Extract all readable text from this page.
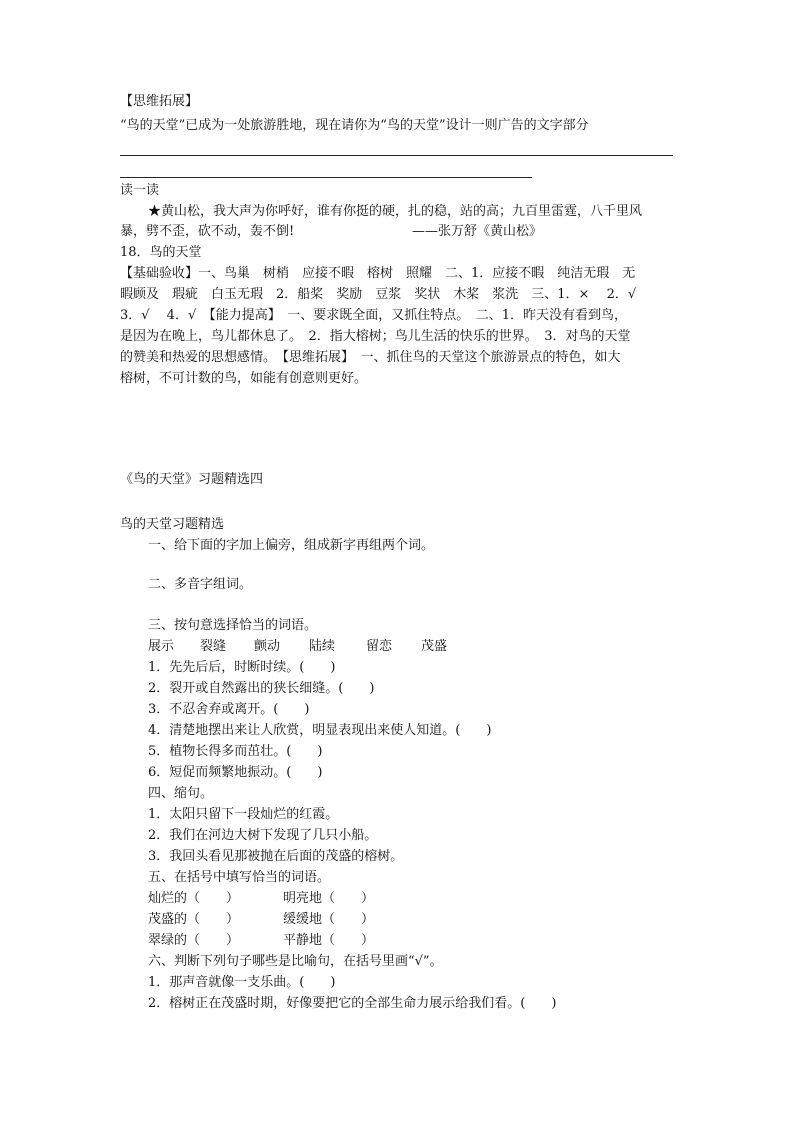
【思维拓展】
“鸟的天堂”已成为一处旅游胜地，现在请你为“鸟的天堂”设计一则广告的文字部分
读一读
★黄山松，我大声为你呼好，谁有你挺的硬，扎的稳，站的高；九百里雷霆，八千里风
暴，劈不歪，砍不动，轰不倒!	——张万舒《黄山松》
18．鸟的天堂
【基础验收】一、鸟巢　树梢　应接不暇　榕树　照耀　二、1．应接不暇　纯洁无瑕　无
暇顾及　瑕疵　白玉无瑕　2．船桨　奖励　豆浆　奖状　木桨　浆洗　三、1．×　 2．√
3．√　 4．√　【能力提高】　一、要求既全面，又抓住特点。　二、1．昨天没有看到鸟，
是因为在晚上，鸟儿都休息了。　2．指大榕树；鸟儿生活的快乐的世界。　3．对鸟的天堂
的赞美和热爱的思想感情。　【思维拓展】　一、抓住鸟的天堂这个旅游景点的特色，如大
榕树，不可计数的鸟，如能有创意则更好。
《鸟的天堂》习题精选四
鸟的天堂习题精选
一、给下面的字加上偏旁，组成新字再组两个词。
二、多音字组词。
三、按句意选择恰当的词语。
展示 裂缝 颤动 陆续 留恋 茂盛
1．先先后后，时断时续。(　　)
2．裂开或自然露出的狭长细缝。(　　)
3．不忍舍弃或离开。(　　)
4．清楚地摆出来让人欣赏，明显表现出来使人知道。(　　)
5．植物长得多而茁壮。(　　)
6．短促而频繁地振动。(　　)
四、缩句。
1．太阳只留下一段灿烂的红霞。
2．我们在河边大树下发现了几只小船。
3．我回头看见那被抛在后面的茂盛的榕树。
五、在括号中填写恰当的词语。
灿烂的（　　）	明亮地（　　）
茂盛的（　　）	缓缓地（　　）
翠绿的（　　）	平静地（　　）
六、判断下列句子哪些是比喻句，在括号里画“√”。
1．那声音就像一支乐曲。(　　)
2．榕树正在茂盛时期，好像要把它的全部生命力展示给我们看。(　　)
